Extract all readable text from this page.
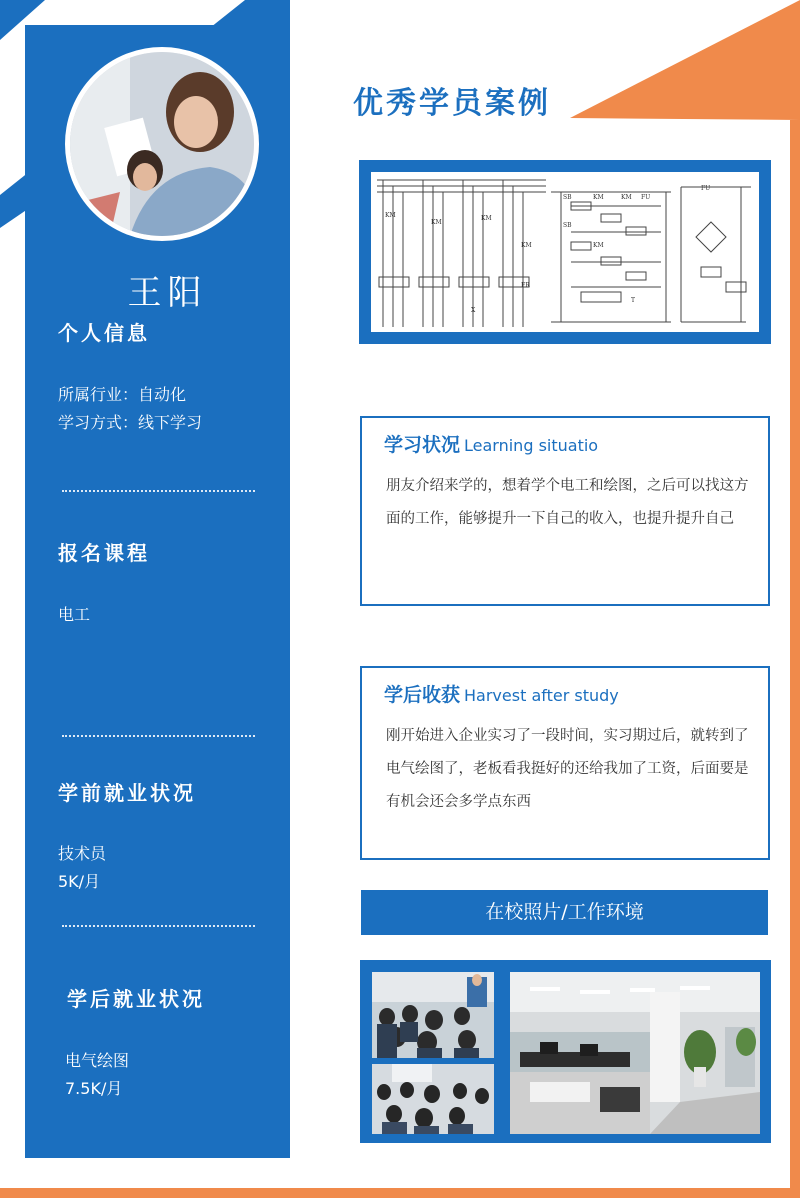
王阳
个人信息
所属行业：自动化
学习方式：线下学习
报名课程
电工
学前就业状况
技术员
5K/月
学后就业状况
电气绘图
7.5K/月
优秀学员案例
KM
KM
KM
KM
SB	KM	KM FU
FU
SB
KM
T
FR
X
学习状况 Learning situatio
朋友介绍来学的，想着学个电工和绘图，之后可以找这方面的工作，能够提升一下自己的收入，也提升提升自己
学后收获 Harvest after study
刚开始进入企业实习了一段时间，实习期过后，就转到了电气绘图了，老板看我挺好的还给我加了工资，后面要是有机会还会多学点东西
在校照片/工作环境
